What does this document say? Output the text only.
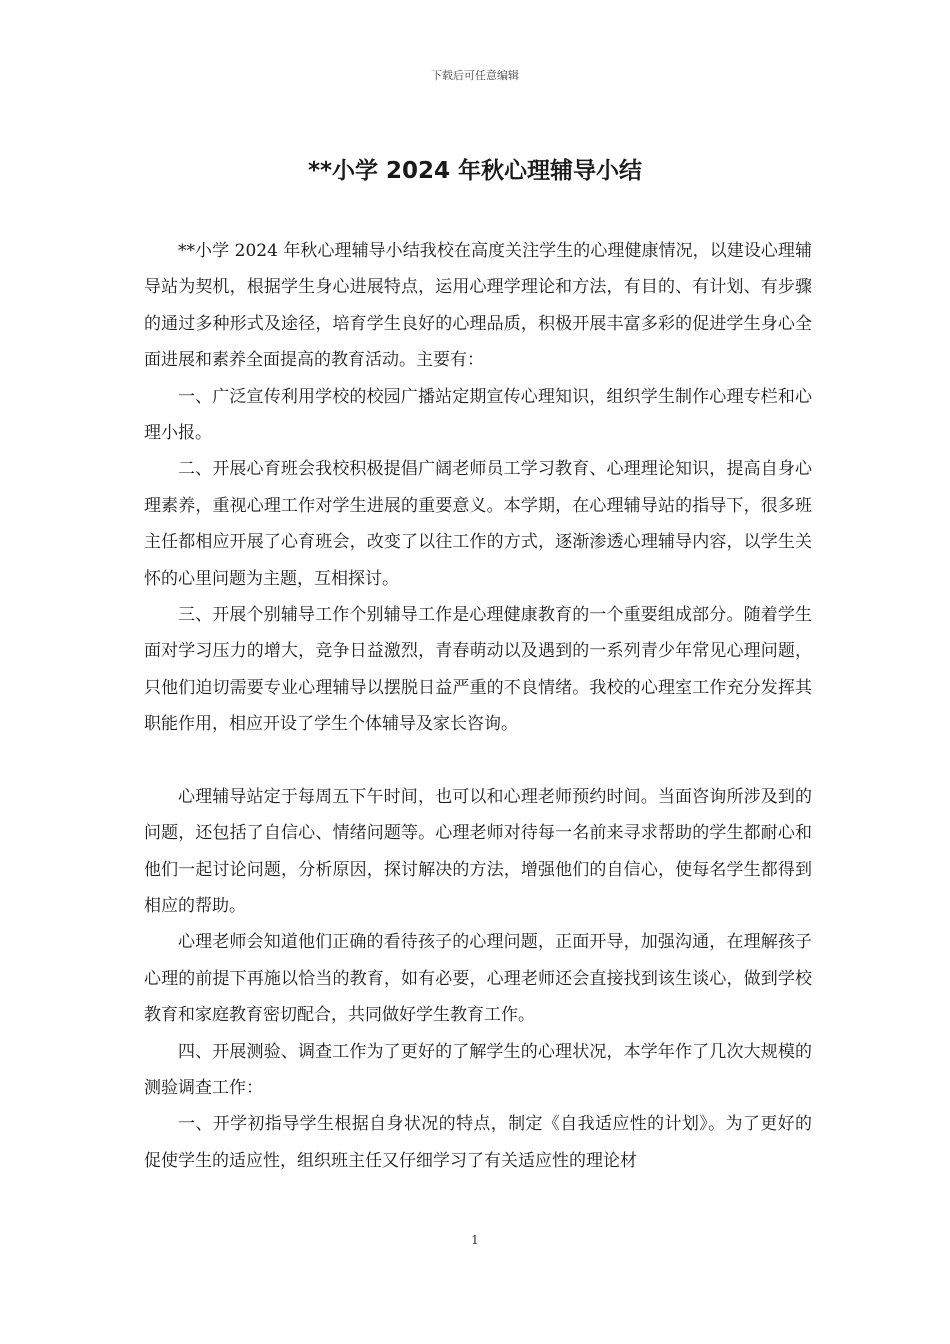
下载后可任意编辑
**小学 2024 年秋心理辅导小结

**小学 2024 年秋心理辅导小结我校在高度关注学生的心理健康情况，以建设心理辅导站为契机，根据学生身心进展特点，运用心理学理论和方法，有目的、有计划、有步骤的通过多种形式及途径，培育学生良好的心理品质，积极开展丰富多彩的促进学生身心全面进展和素养全面提高的教育活动。主要有：

一、广泛宣传利用学校的校园广播站定期宣传心理知识，组织学生制作心理专栏和心理小报。

二、开展心育班会我校积极提倡广阔老师员工学习教育、心理理论知识，提高自身心理素养，重视心理工作对学生进展的重要意义。本学期，在心理辅导站的指导下，很多班主任都相应开展了心育班会，改变了以往工作的方式，逐渐渗透心理辅导内容，以学生关怀的心里问题为主题，互相探讨。

三、开展个别辅导工作个别辅导工作是心理健康教育的一个重要组成部分。随着学生面对学习压力的增大，竞争日益激烈，青春萌动以及遇到的一系列青少年常见心理问题，只他们迫切需要专业心理辅导以摆脱日益严重的不良情绪。我校的心理室工作充分发挥其职能作用，相应开设了学生个体辅导及家长咨询。

心理辅导站定于每周五下午时间，也可以和心理老师预约时间。当面咨询所涉及到的问题，还包括了自信心、情绪问题等。心理老师对待每一名前来寻求帮助的学生都耐心和他们一起讨论问题，分析原因，探讨解决的方法，增强他们的自信心，使每名学生都得到相应的帮助。

心理老师会知道他们正确的看待孩子的心理问题，正面开导，加强沟通，在理解孩子心理的前提下再施以恰当的教育，如有必要，心理老师还会直接找到该生谈心，做到学校教育和家庭教育密切配合，共同做好学生教育工作。

四、开展测验、调查工作为了更好的了解学生的心理状况，本学年作了几次大规模的测验调查工作：

一、开学初指导学生根据自身状况的特点，制定《自我适应性的计划》。为了更好的促使学生的适应性，组织班主任又仔细学习了有关适应性的理论材

1
